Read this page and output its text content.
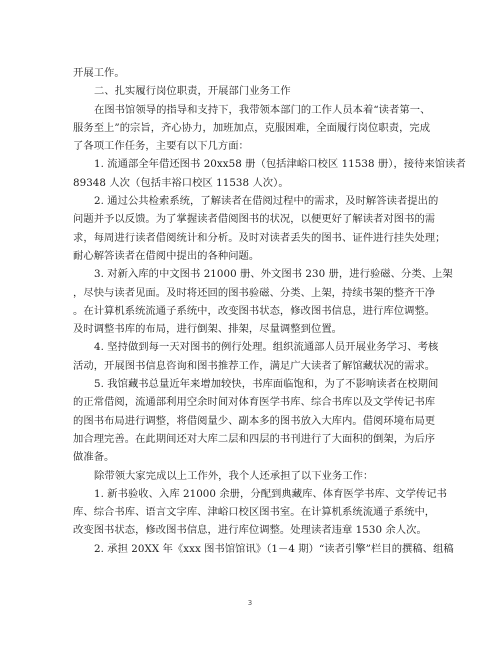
开展工作。
二、扎实履行岗位职责，开展部门业务工作
在图书馆领导的指导和支持下，我带领本部门的工作人员本着“读者第一、
服务至上”的宗旨，齐心协力，加班加点，克服困难，全面履行岗位职责，完成
了各项工作任务，主要有以下几方面：
1. 流通部全年借还图书 20xx58 册（包括津峪口校区 11538 册），接待来馆读者
89348 人次（包括丰裕口校区 11538 人次）。
2. 通过公共检索系统，了解读者在借阅过程中的需求，及时解答读者提出的
问题并予以反馈。为了掌握读者借阅图书的状况，以便更好了解读者对图书的需
求，每周进行读者借阅统计和分析。及时对读者丢失的图书、证件进行挂失处理；
耐心解答读者在借阅中提出的各种问题。
3. 对新入库的中文图书 21000 册、外文图书 230 册，进行验磁、分类、上架
，尽快与读者见面。及时将还回的图书验磁、分类、上架，持续书架的整齐干净
。在计算机系统流通子系统中，改变图书状态，修改图书信息，进行库位调整。
及时调整书库的布局，进行倒架、排架，尽量调整到位置。
4. 坚持做到每一天对图书的例行处理。组织流通部人员开展业务学习、考核
活动，开展图书信息咨询和图书推荐工作，满足广大读者了解馆藏状况的需求。
5. 我馆藏书总量近年来增加较快，书库面临饱和，为了不影响读者在校期间
的正常借阅，流通部利用空余时间对体育医学书库、综合书库以及文学传记书库
的图书布局进行调整，将借阅量少、副本多的图书放入大库内。借阅环境布局更
加合理完善。在此期间还对大库二层和四层的书刊进行了大面积的倒架，为后序
做准备。
除带领大家完成以上工作外，我个人还承担了以下业务工作：
1. 新书验收、入库 21000 余册，分配到典藏库、体育医学书库、文学传记书
库、综合书库、语言文字库、津峪口校区图书室。在计算机系统流通子系统中，
改变图书状态，修改图书信息，进行库位调整。处理读者违章 1530 余人次。
2. 承担 20XX 年《xxx 图书馆馆讯》（1－4 期）“读者引擎”栏目的撰稿、组稿
3
